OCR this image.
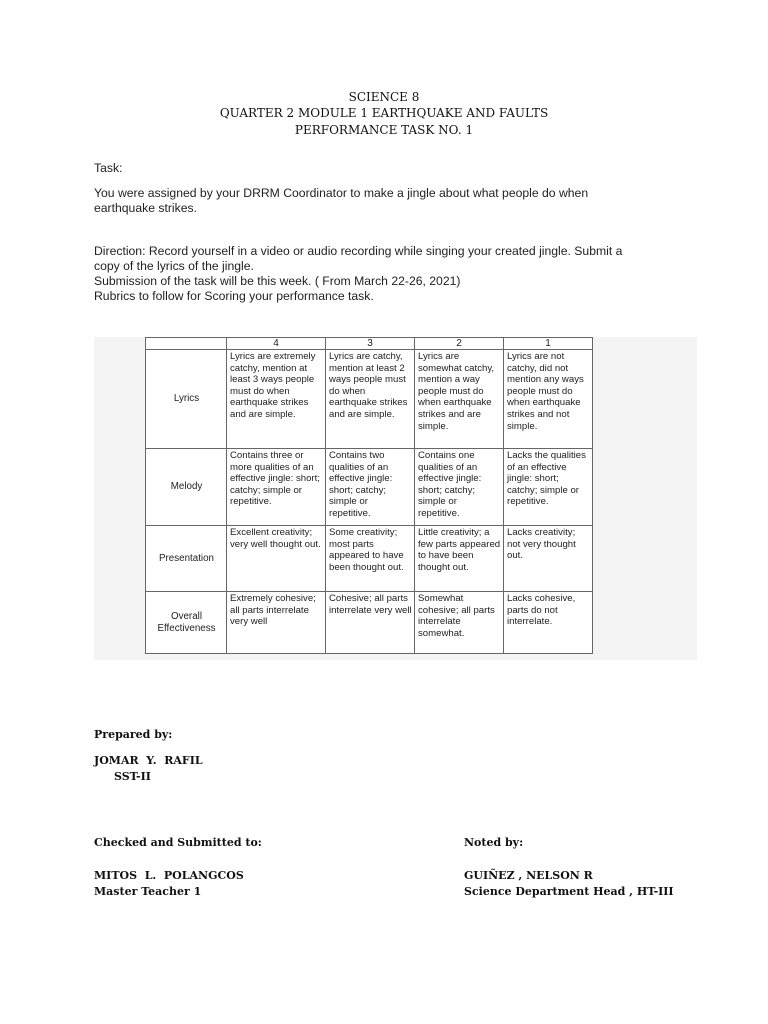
SCIENCE 8
QUARTER 2 MODULE 1 EARTHQUAKE AND FAULTS
PERFORMANCE TASK NO. 1
Task:
You were assigned by your DRRM Coordinator to make a jingle about what people do when
earthquake strikes.
Direction: Record yourself in a video or audio recording while singing your created jingle. Submit a
copy of the lyrics of the jingle.
Submission of the task will be this week. ( From March 22-26, 2021)
Rubrics to follow for Scoring your performance task.
	4	3	2	1
Lyrics	Lyrics are extremely catchy, mention at least 3 ways people must do when earthquake strikes and are simple.	Lyrics are catchy, mention at least 2 ways people must do when earthquake strikes and are simple.	Lyrics are somewhat catchy, mention a way people must do when earthquake strikes and are simple.	Lyrics are not catchy, did not mention any ways people must do when earthquake strikes and not simple.
Melody	Contains three or more qualities of an effective jingle: short; catchy; simple or repetitive.	Contains two qualities of an effective jingle: short; catchy; simple or repetitive.	Contains one qualities of an effective jingle: short; catchy; simple or repetitive.	Lacks the qualities of an effective jingle: short; catchy; simple or repetitive.
Presentation	Excellent creativity; very well thought out.	Some creativity; most parts appeared to have been thought out.	Little creativity; a few parts appeared to have been thought out.	Lacks creativity; not very thought out.
Overall
Effectiveness	Extremely cohesive; all parts interrelate very well	Cohesive; all parts interrelate very well	Somewhat cohesive; all parts interrelate somewhat.	Lacks cohesive, parts do not interrelate.
Prepared by:
JOMAR  Y.  RAFIL
SST-II
Checked and Submitted to:
MITOS  L.  POLANGCOS
Master Teacher 1
Noted by:
GUIÑEZ , NELSON R
Science Department Head , HT-III
